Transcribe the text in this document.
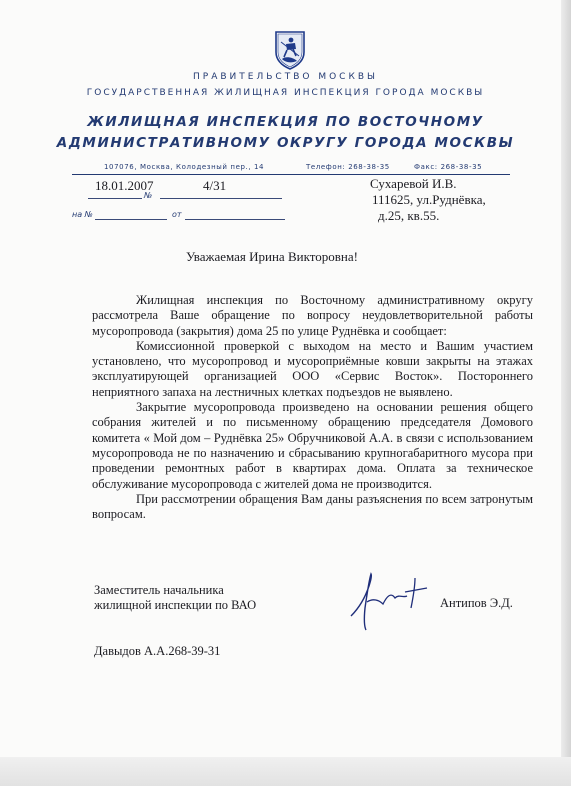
ПРАВИТЕЛЬСТВО МОСКВЫ
ГОСУДАРСТВЕННАЯ ЖИЛИЩНАЯ ИНСПЕКЦИЯ ГОРОДА МОСКВЫ
ЖИЛИЩНАЯ ИНСПЕКЦИЯ ПО ВОСТОЧНОМУ
АДМИНИСТРАТИВНОМУ ОКРУГУ ГОРОДА МОСКВЫ
107076, Москва, Колодезный пер., 14	Телефон: 268-38-35	Факс: 268-38-35
18.01.2007
№
4/31
на №	от
Сухаревой И.В.
111625, ул.Руднёвка,
д.25, кв.55.
Уважаемая Ирина Викторовна!

Жилищная инспекция по Восточному административному округу рассмотрела Ваше обращение по вопросу неудовлетворительной работы мусоропровода (закрытия) дома 25 по улице Руднёвка и сообщает:

Комиссионной проверкой с выходом на место и Вашим участием установлено, что мусоропровод и мусороприёмные ковши закрыты на этажах эксплуатирующей организацией ООО «Сервис Восток». Постороннего неприятного запаха на лестничных клетках подъездов не выявлено.

Закрытие мусоропровода произведено на основании решения общего собрания жителей и по письменному обращению председателя Домового комитета « Мой дом – Руднёвка 25» Обручниковой А.А. в связи с использованием мусоропровода не по назначению и сбрасыванию крупногабаритного мусора при проведении ремонтных работ в квартирах дома. Оплата за техническое обслуживание мусоропровода с жителей дома не производится.

При рассмотрении обращения Вам даны разъяснения по всем затронутым вопросам.

Заместитель начальника
жилищной инспекции по ВАО	Антипов Э.Д.
Давыдов А.А.268-39-31
